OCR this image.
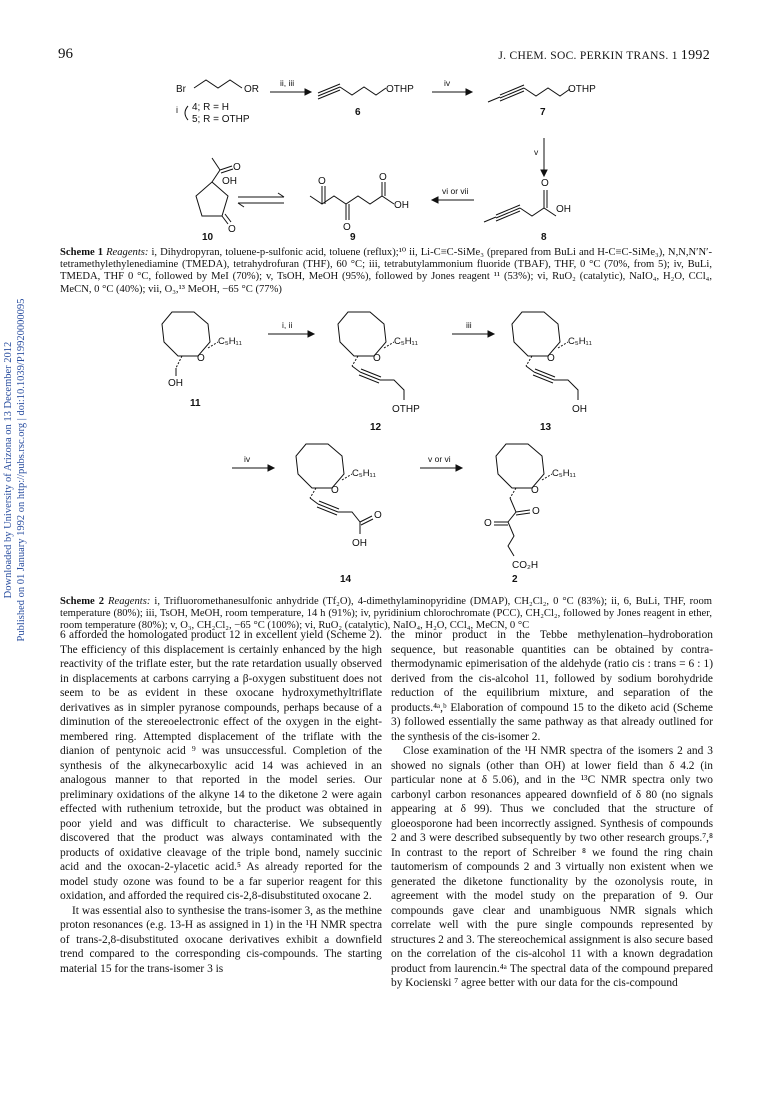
96	J. CHEM. SOC. PERKIN TRANS. 1 1992
Downloaded by University of Arizona on 13 December 2012 Published on 01 January 1992 on http://pubs.rsc.org | doi:10.1039/P19920000095
Br	OR
i 4; R = H
5; R = OTHP
ii, iii
OTHP
6
iv
OTHP
7
v
O
OH
8
vi or vii
O
O
O
OH
9
O
OH
O
10
Scheme 1 Reagents: i, Dihydropyran, toluene-p-sulfonic acid, toluene (reflux);¹⁰ ii, Li-C≡C-SiMe₃ (prepared from BuLi and H-C≡C-SiMe₃), N,N,N′N′-tetramethylethylenediamine (TMEDA), tetrahydrofuran (THF), 60 °C; iii, tetrabutylammonium fluoride (TBAF), THF, 0 °C (70%, from 5); iv, BuLi, TMEDA, THF 0 °C, followed by MeI (70%); v, TsOH, MeOH (95%), followed by Jones reagent ¹¹ (53%); vi, RuO₂ (catalytic), NaIO₄, H₂O, CCl₄, MeCN, 0 °C (40%); vii, O₃,¹³ MeOH, −65 °C (77%)
O
C₅H₁₁
OH
11
i, ii
O
C₅H₁₁
OTHP
12
iii
O
C₅H₁₁
OH
13
iv
O
C₅H₁₁
O
OH
14
v or vi
O
C₅H₁₁
O
O
CO₂H
2
Scheme 2 Reagents: i, Trifluoromethanesulfonic anhydride (Tf₂O), 4-dimethylaminopyridine (DMAP), CH₂Cl₂, 0 °C (83%); ii, 6, BuLi, THF, room temperature (80%); iii, TsOH, MeOH, room temperature, 14 h (91%); iv, pyridinium chlorochromate (PCC), CH₂Cl₂, followed by Jones reagent in ether, room temperature (80%); v, O₃, CH₂Cl₂, −65 °C (100%); vi, RuO₂ (catalytic), NaIO₄, H₂O, CCl₄, MeCN, 0 °C

6 afforded the homologated product 12 in excellent yield (Scheme 2). The efficiency of this displacement is certainly enhanced by the high reactivity of the triflate ester, but the rate retardation usually observed in displacements at carbons carrying a β-oxygen substituent does not seem to be as evident in these oxocane hydroxymethyltriflate derivatives as in simpler pyranose compounds, perhaps because of a diminution of the stereoelectronic effect of the oxygen in the eight-membered ring. Attempted displacement of the triflate with the dianion of pentynoic acid ⁹ was unsuccessful. Completion of the synthesis of the alkynecarboxylic acid 14 was achieved in an analogous manner to that reported in the model series. Our preliminary oxidations of the alkyne 14 to the diketone 2 were again effected with ruthenium tetroxide, but the product was obtained in poor yield and was difficult to characterise. We subsequently discovered that the product was always contaminated with the products of oxidative cleavage of the triple bond, namely succinic acid and the oxocan-2-ylacetic acid.⁵ As already reported for the model study ozone was found to be a far superior reagent for this oxidation, and afforded the required cis-2,8-disubstituted oxocane 2.

It was essential also to synthesise the trans-isomer 3, as the methine proton resonances (e.g. 13-H as assigned in 1) in the ¹H NMR spectra of trans-2,8-disubstituted oxocane derivatives exhibit a downfield trend compared to the corresponding cis-compounds. The starting material 15 for the trans-isomer 3 is

the minor product in the Tebbe methylenation–hydroboration sequence, but reasonable quantities can be obtained by contra-thermodynamic epimerisation of the aldehyde (ratio cis : trans = 6 : 1) derived from the cis-alcohol 11, followed by sodium borohydride reduction of the equilibrium mixture, and separation of the products.⁴ᵃ,ᵇ Elaboration of compound 15 to the diketo acid (Scheme 3) followed essentially the same pathway as that already outlined for the synthesis of the cis-isomer 2.

Close examination of the ¹H NMR spectra of the isomers 2 and 3 showed no signals (other than OH) at lower field than δ 4.2 (in particular none at δ 5.06), and in the ¹³C NMR spectra only two carbonyl carbon resonances appeared downfield of δ 80 (no signals appearing at δ 99). Thus we concluded that the structure of gloeosporone had been incorrectly assigned. Synthesis of compounds 2 and 3 were described subsequently by two other research groups.⁷,⁸ In contrast to the report of Schreiber ⁸ we found the ring chain tautomerism of compounds 2 and 3 virtually non existent when we generated the diketone functionality by the ozonolysis route, in agreement with the model study on the preparation of 9. Our compounds gave clear and unambiguous NMR signals which correlate well with the pure single compounds represented by structures 2 and 3. The stereochemical assignment is also secure based on the correlation of the cis-alcohol 11 with a known degradation product from laurencin.⁴ᵃ The spectral data of the compound prepared by Kocienski ⁷ agree better with our data for the cis-compound
